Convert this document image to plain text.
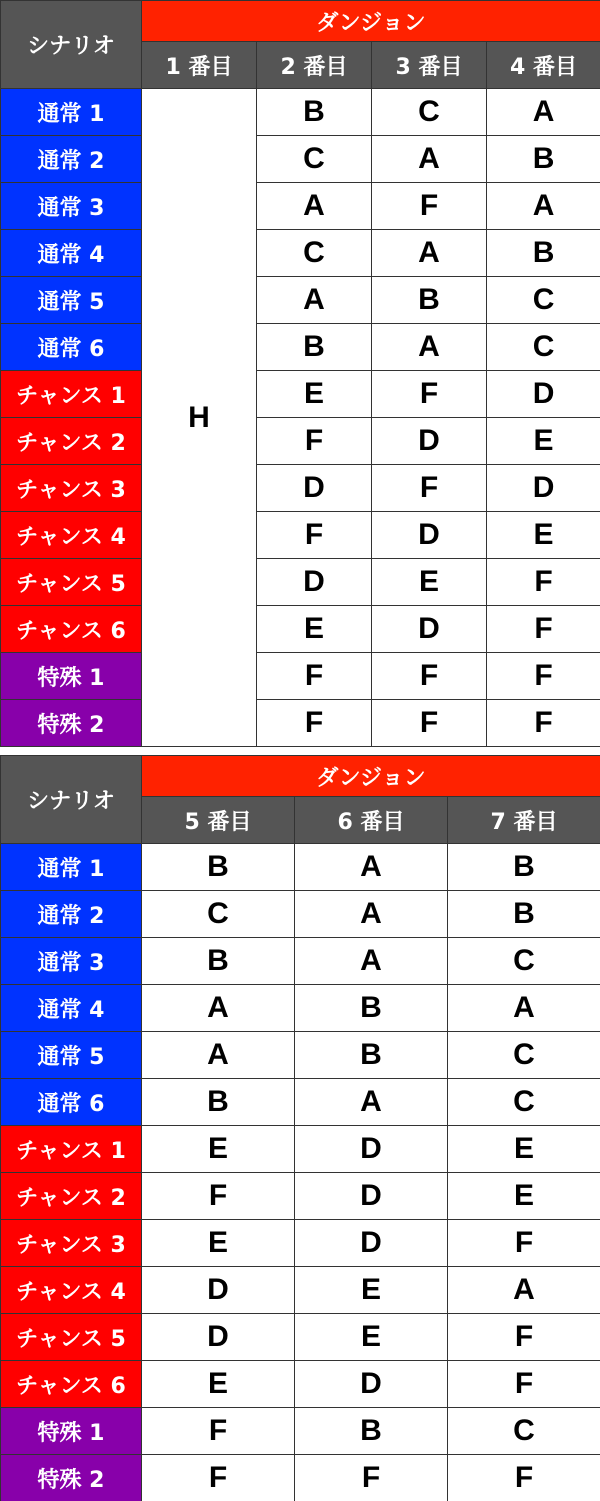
シナリオ	ダンジョン			
	1 番目	2 番目	3 番目	4 番目
通常 1	H	B	C	A
通常 2		C	A	B
通常 3		A	F	A
通常 4		C	A	B
通常 5		A	B	C
通常 6		B	A	C
チャンス 1		E	F	D
チャンス 2		F	D	E
チャンス 3		D	F	D
チャンス 4		F	D	E
チャンス 5		D	E	F
チャンス 6		E	D	F
特殊 1		F	F	F
特殊 2		F	F	F
シナリオ	ダンジョン		
	5 番目	6 番目	7 番目
通常 1	B	A	B
通常 2	C	A	B
通常 3	B	A	C
通常 4	A	B	A
通常 5	A	B	C
通常 6	B	A	C
チャンス 1	E	D	E
チャンス 2	F	D	E
チャンス 3	E	D	F
チャンス 4	D	E	A
チャンス 5	D	E	F
チャンス 6	E	D	F
特殊 1	F	B	C
特殊 2	F	F	F
